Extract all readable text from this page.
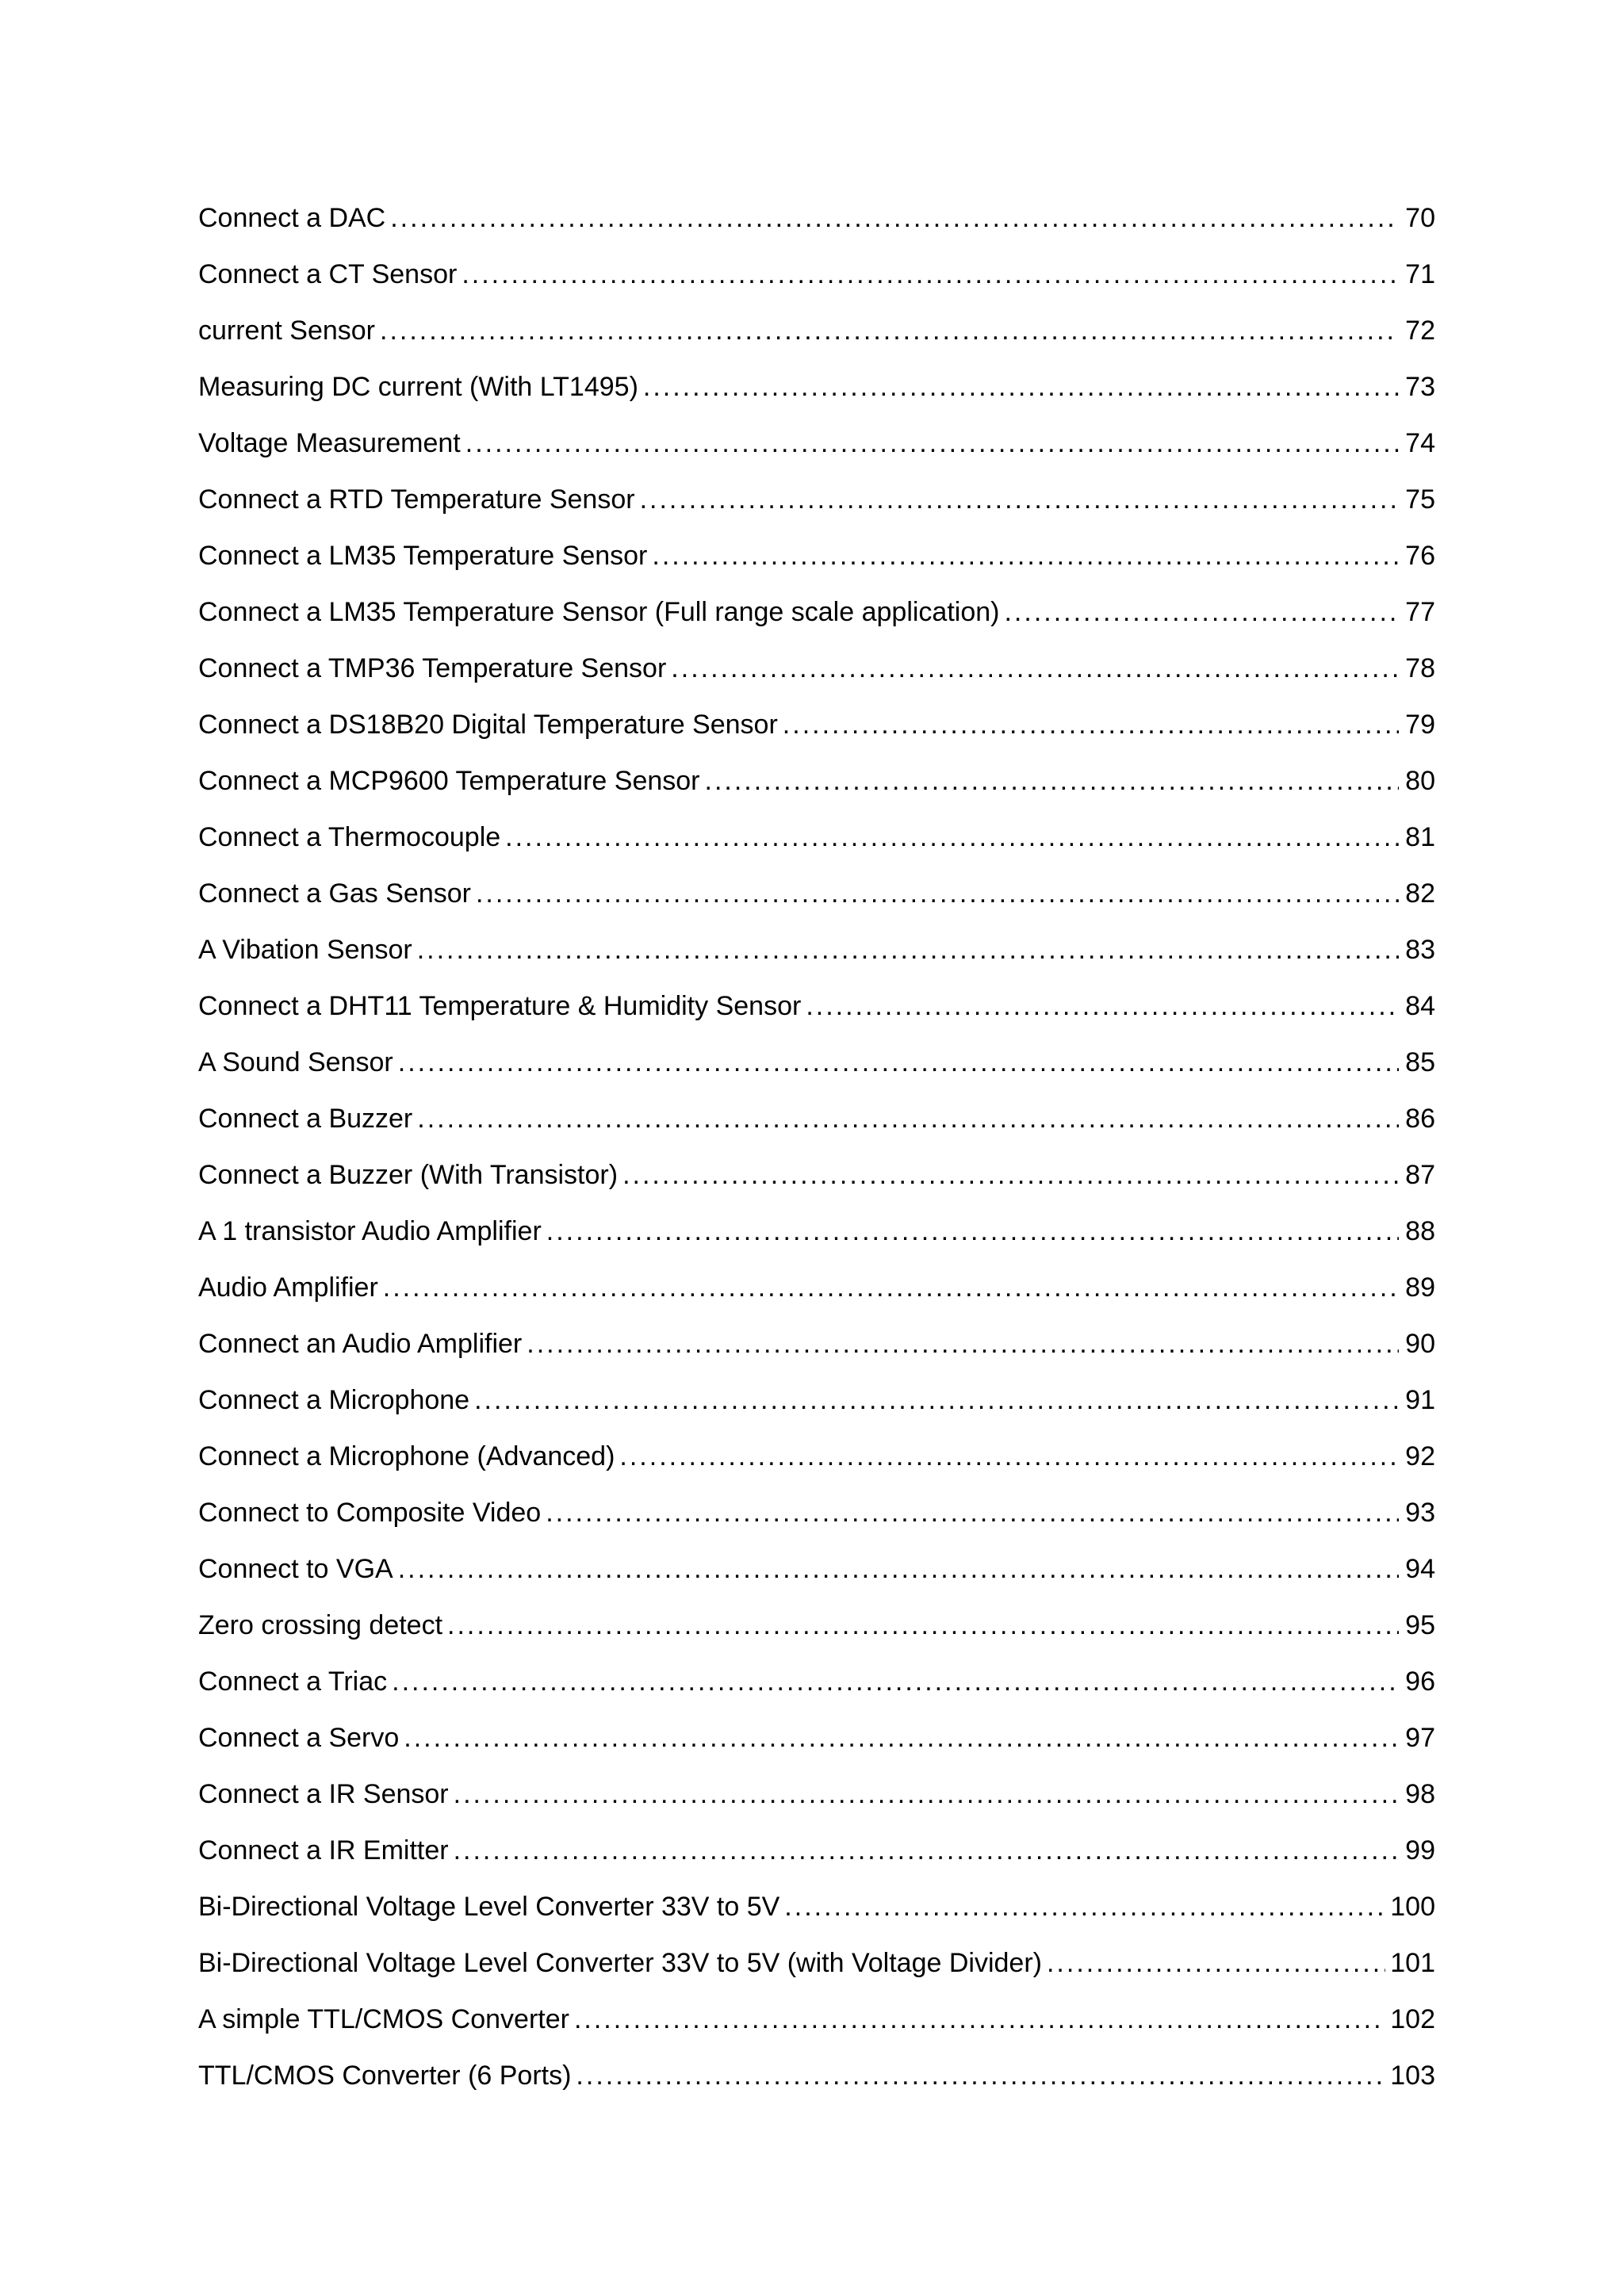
Connect a DAC .....	70
Connect a CT Sensor .....	71
current Sensor .....	72
Measuring DC current (With LT1495) .....	73
Voltage Measurement .....	74
Connect a RTD Temperature Sensor .....	75
Connect a LM35 Temperature Sensor .....	76
Connect a LM35 Temperature Sensor (Full range scale application) .....	77
Connect a TMP36 Temperature Sensor .....	78
Connect a DS18B20 Digital Temperature Sensor .....	79
Connect a MCP9600 Temperature Sensor .....	80
Connect a Thermocouple .....	81
Connect a Gas Sensor .....	82
A Vibation Sensor .....	83
Connect a DHT11 Temperature & Humidity Sensor .....	84
A Sound Sensor .....	85
Connect a Buzzer .....	86
Connect a Buzzer (With Transistor) .....	87
A 1 transistor Audio Amplifier .....	88
Audio Amplifier .....	89
Connect an Audio Amplifier .....	90
Connect a Microphone .....	91
Connect a Microphone (Advanced) .....	92
Connect to Composite Video .....	93
Connect to VGA .....	94
Zero crossing detect .....	95
Connect a Triac .....	96
Connect a Servo .....	97
Connect a IR Sensor .....	98
Connect a IR Emitter .....	99
Bi-Directional Voltage Level Converter 33V to 5V .....	100
Bi-Directional Voltage Level Converter 33V to 5V (with Voltage Divider) .....	101
A simple TTL/CMOS Converter .....	102
TTL/CMOS Converter (6 Ports) .....	103
